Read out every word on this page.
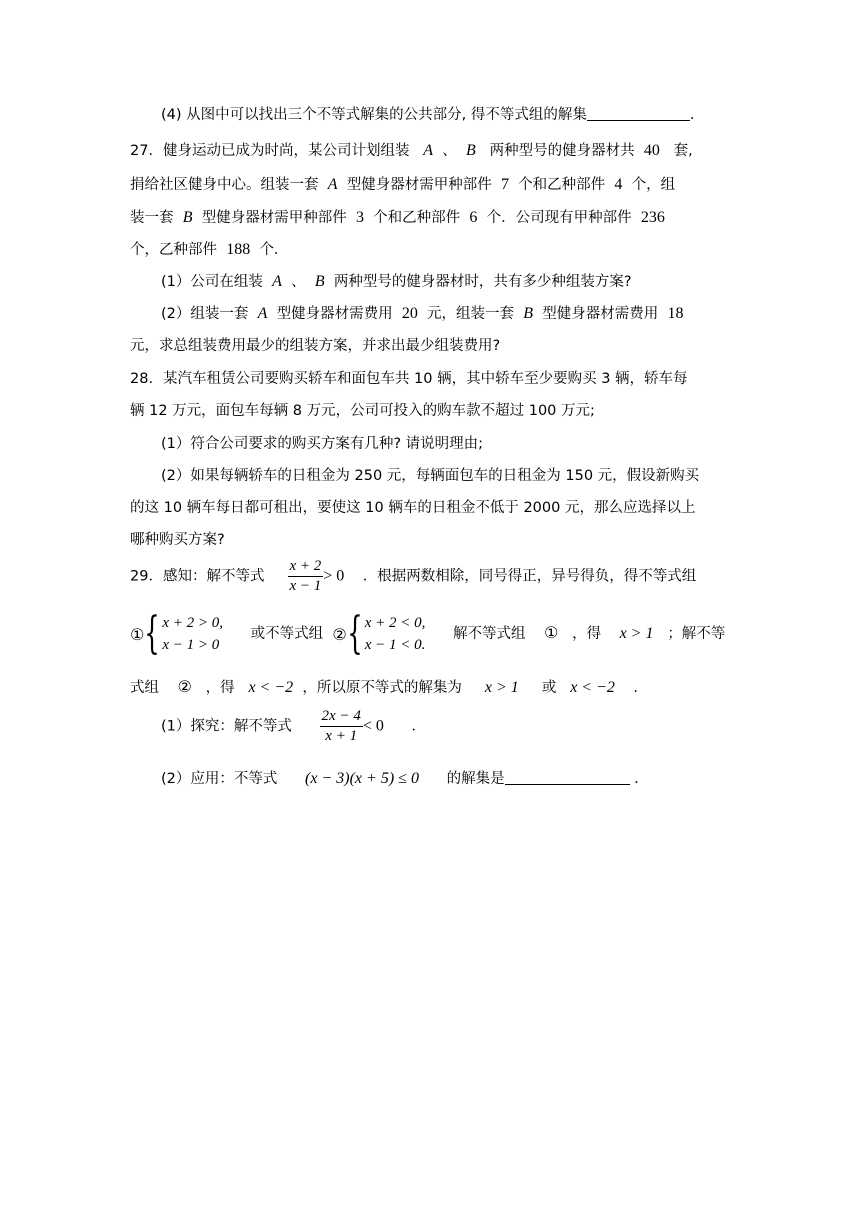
(4) 从图中可以找出三个不等式解集的公共部分, 得不等式组的解集	.
27．健身运动已成为时尚，某公司计划组装 A 、 B 两种型号的健身器材共 40 套,
捐给社区健身中心。组装一套 A 型健身器材需甲种部件 7 个和乙种部件 4 个，组
装一套 B 型健身器材需甲种部件 3 个和乙种部件 6 个．公司现有甲种部件 236
个，乙种部件 188 个．
(1）公司在组装 A 、 B 两种型号的健身器材时，共有多少种组装方案?
(2）组装一套 A 型健身器材需费用 20 元，组装一套 B 型健身器材需费用 18
元，求总组装费用最少的组装方案，并求出最少组装费用?
28．某汽车租赁公司要购买轿车和面包车共 10 辆，其中轿车至少要购买 3 辆，轿车每
辆 12 万元，面包车每辆 8 万元，公司可投入的购车款不超过 100 万元;
(1）符合公司要求的购买方案有几种? 请说明理由;
(2）如果每辆轿车的日租金为 250 元，每辆面包车的日租金为 150 元，假设新购买
的这 10 辆车每日都可租出，要使这 10 辆车的日租金不低于 2000 元，那么应选择以上
哪种购买方案?
29．感知：解不等式 $\frac{x + 2}{x - 1} > 0$ ．根据两数相除，同号得正，异号得负，得不等式组
① { x + 2 > 0,
x − 1 > 0
或不等式组 ② { x + 2 < 0,
x − 1 < 0.
解不等式组 ① ，得 x > 1 ；解不等
式组 ② ，得 x < −2 ，所以原不等式的解集为 x > 1 或 x < −2 ．
(1）探究：解不等式 $\frac{2x - 4}{x + 1} < 0$ ．
(2）应用：不等式 (x − 3)(x + 5) ≤ 0 的解集是	．
